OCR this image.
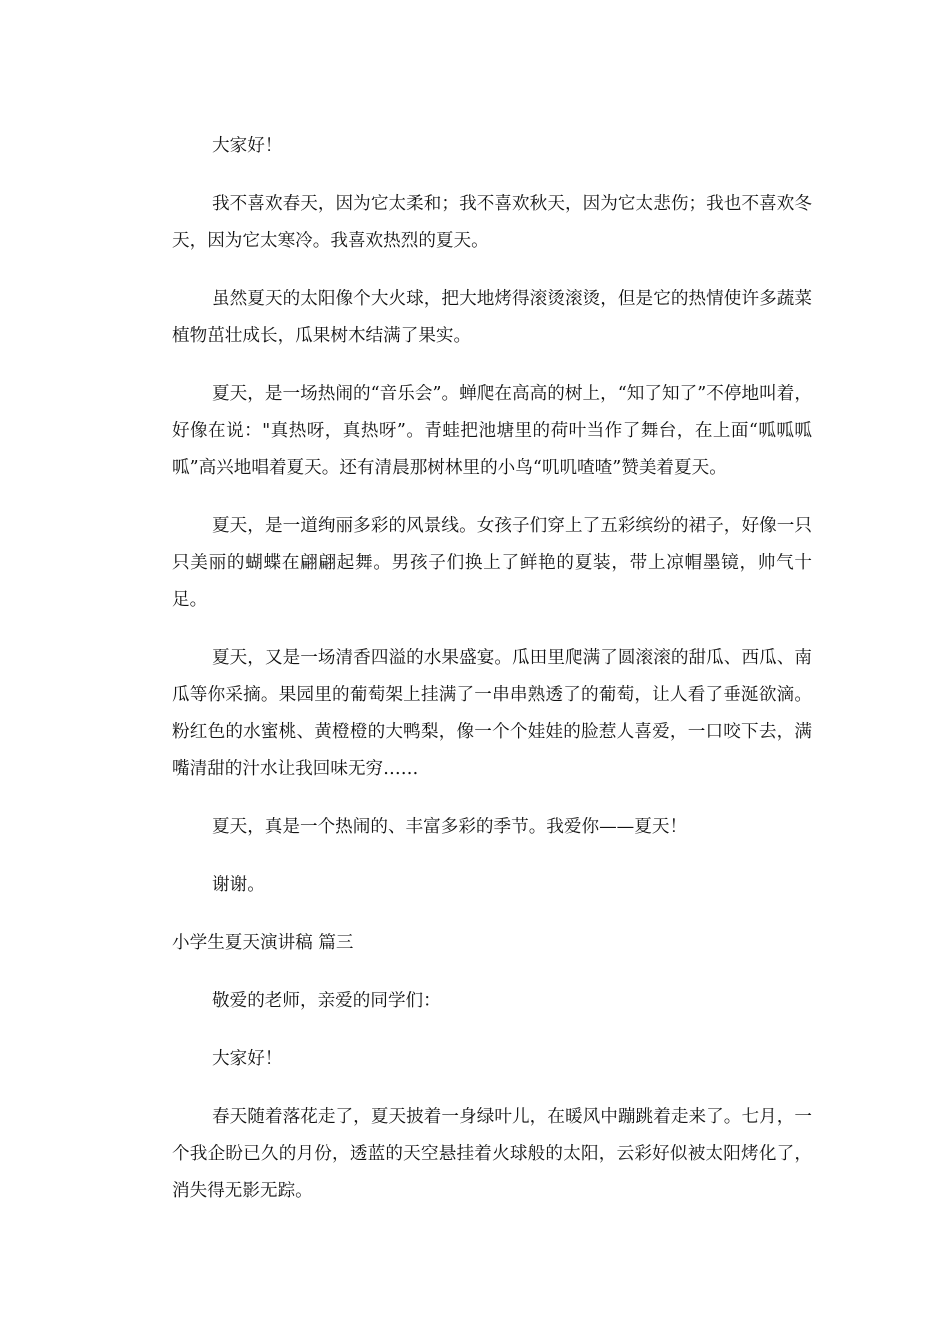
大家好！

我不喜欢春天，因为它太柔和；我不喜欢秋天，因为它太悲伤；我也不喜欢冬天，因为它太寒冷。我喜欢热烈的夏天。

虽然夏天的太阳像个大火球，把大地烤得滚烫滚烫，但是它的热情使许多蔬菜植物茁壮成长，瓜果树木结满了果实。

夏天，是一场热闹的“音乐会”。蝉爬在高高的树上，“知了知了”不停地叫着，好像在说："真热呀，真热呀”。青蛙把池塘里的荷叶当作了舞台，在上面“呱呱呱呱”高兴地唱着夏天。还有清晨那树林里的小鸟“叽叽喳喳”赞美着夏天。

夏天，是一道绚丽多彩的风景线。女孩子们穿上了五彩缤纷的裙子，好像一只只美丽的蝴蝶在翩翩起舞。男孩子们换上了鲜艳的夏装，带上凉帽墨镜，帅气十足。

夏天，又是一场清香四溢的水果盛宴。瓜田里爬满了圆滚滚的甜瓜、西瓜、南瓜等你采摘。果园里的葡萄架上挂满了一串串熟透了的葡萄，让人看了垂涎欲滴。粉红色的水蜜桃、黄橙橙的大鸭梨，像一个个娃娃的脸惹人喜爱，一口咬下去，满嘴清甜的汁水让我回味无穷……

夏天，真是一个热闹的、丰富多彩的季节。我爱你——夏天！

谢谢。

小学生夏天演讲稿 篇三

敬爱的老师，亲爱的同学们：

大家好！

春天随着落花走了，夏天披着一身绿叶儿，在暖风中蹦跳着走来了。七月，一个我企盼已久的月份，透蓝的天空悬挂着火球般的太阳，云彩好似被太阳烤化了，消失得无影无踪。
